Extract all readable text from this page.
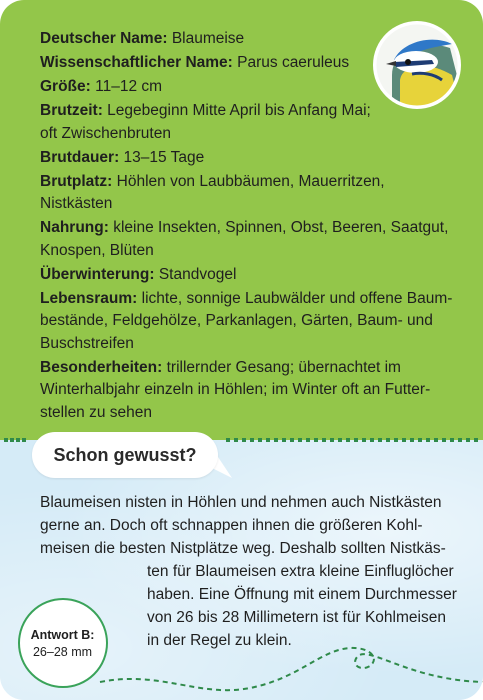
Deutscher Name: Blaumeise
Wissenschaftlicher Name: Parus caeruleus
Größe: 11–12 cm
Brutzeit: Legebeginn Mitte April bis Anfang Mai;
oft Zwischenbruten
Brutdauer: 13–15 Tage
Brutplatz: Höhlen von Laubbäumen, Mauerritzen,
Nistkästen
Nahrung: kleine Insekten, Spinnen, Obst, Beeren, Saatgut,
Knospen, Blüten
Überwinterung: Standvogel
Lebensraum: lichte, sonnige Laubwälder und offene Baum-
bestände, Feldgehölze, Parkanlagen, Gärten, Baum- und
Buschstreifen
Besonderheiten: trillernder Gesang; übernachtet im
Winterhalbjahr einzeln in Höhlen; im Winter oft an Futter-
stellen zu sehen
Schon gewusst?
Blaumeisen nisten in Höhlen und nehmen auch Nistkästen
gerne an. Doch oft schnappen ihnen die größeren Kohl-
meisen die besten Nistplätze weg. Deshalb sollten Nistkäs-
ten für Blaumeisen extra kleine Einfluglöcher
haben. Eine Öffnung mit einem Durchmesser
von 26 bis 28 Millimetern ist für Kohlmeisen
in der Regel zu klein.
Antwort B:
26–28 mm
